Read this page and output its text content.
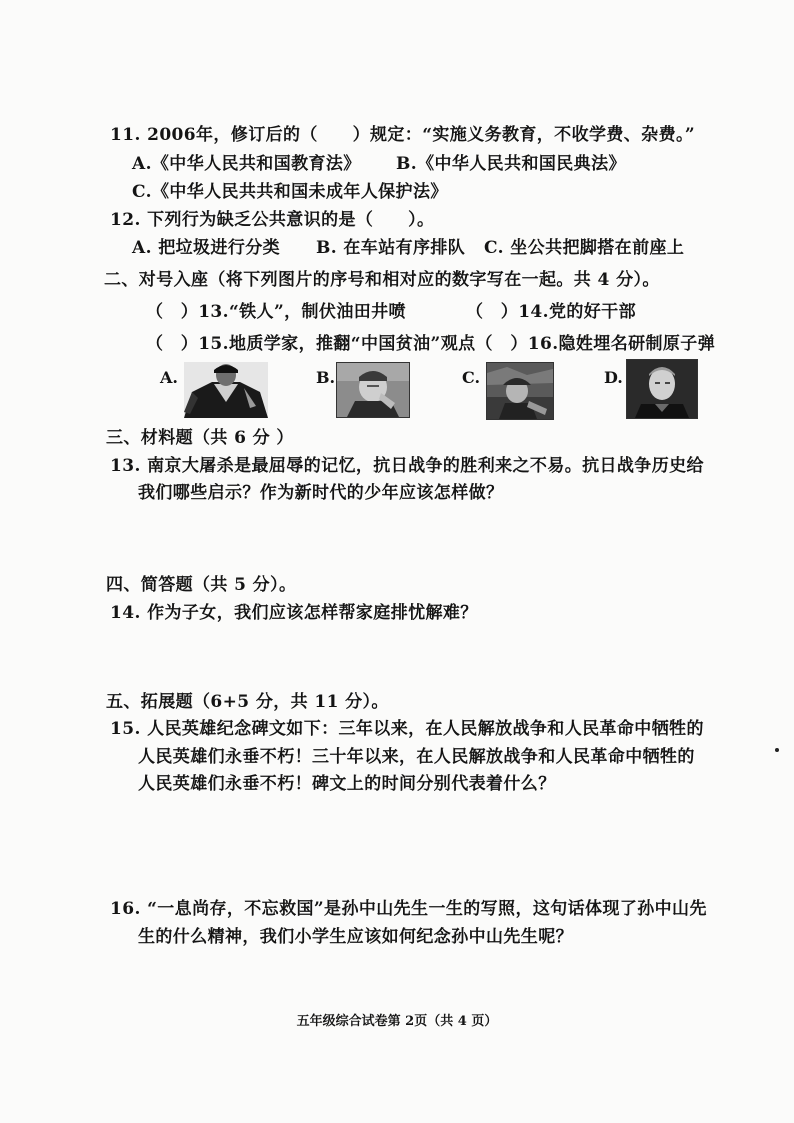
11. 2006年，修订后的（　　）规定：“实施义务教育，不收学费、杂费。”
A.《中华人民共和国教育法》 B.《中华人民共和国民典法》
C.《中华人民共共和国未成年人保护法》
12. 下列行为缺乏公共意识的是（　　）。
A. 把垃圾进行分类 B. 在车站有序排队 C. 坐公共把脚搭在前座上
二、对号入座（将下列图片的序号和相对应的数字写在一起。共 4 分）。
（　）13.“铁人”，制伏油田井喷	（　）14.党的好干部
（　）15.地质学家，推翻“中国贫油”观点（　）16.隐姓埋名研制原子弹
A.	B.	C.	D.
三、材料题（共 6 分 ）
13. 南京大屠杀是最屈辱的记忆，抗日战争的胜利来之不易。抗日战争历史给
我们哪些启示？作为新时代的少年应该怎样做？
四、简答题（共 5 分）。
14. 作为子女，我们应该怎样帮家庭排忧解难？
五、拓展题（6+5 分，共 11 分）。
15. 人民英雄纪念碑文如下：三年以来，在人民解放战争和人民革命中牺牲的
人民英雄们永垂不朽！三十年以来，在人民解放战争和人民革命中牺牲的
人民英雄们永垂不朽！碑文上的时间分别代表着什么？
16. “一息尚存，不忘救国”是孙中山先生一生的写照，这句话体现了孙中山先
生的什么精神，我们小学生应该如何纪念孙中山先生呢？
五年级综合试卷第 2页（共 4 页）
